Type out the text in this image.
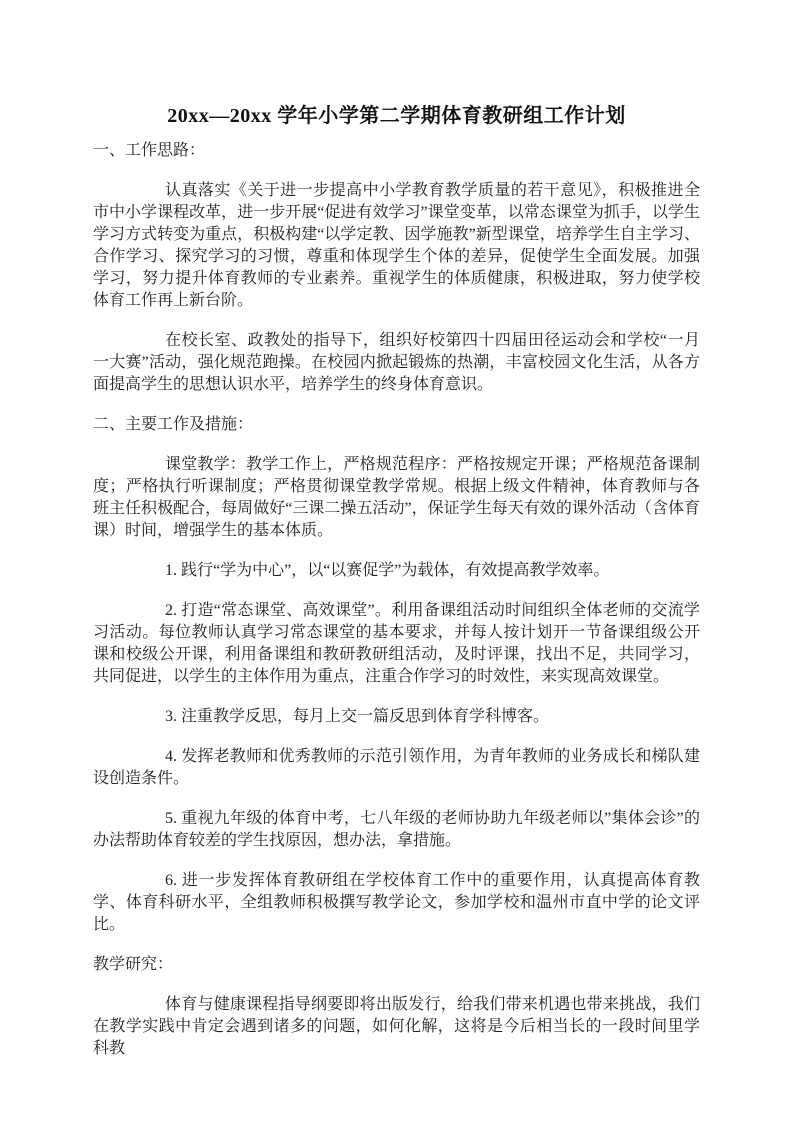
20xx—20xx 学年小学第二学期体育教研组工作计划

一、工作思路：

认真落实《关于进一步提高中小学教育教学质量的若干意见》，积极推进全市中小学课程改革，进一步开展“促进有效学习”课堂变革，以常态课堂为抓手，以学生学习方式转变为重点，积极构建“以学定教、因学施教”新型课堂，培养学生自主学习、合作学习、探究学习的习惯，尊重和体现学生个体的差异，促使学生全面发展。加强学习，努力提升体育教师的专业素养。重视学生的体质健康，积极进取，努力使学校体育工作再上新台阶。

在校长室、政教处的指导下，组织好校第四十四届田径运动会和学校“一月一大赛”活动，强化规范跑操。在校园内掀起锻炼的热潮，丰富校园文化生活，从各方面提高学生的思想认识水平，培养学生的终身体育意识。

二、主要工作及措施：

课堂教学：教学工作上，严格规范程序：严格按规定开课；严格规范备课制度；严格执行听课制度；严格贯彻课堂教学常规。根据上级文件精神，体育教师与各班主任积极配合，每周做好“三课二操五活动”，保证学生每天有效的课外活动（含体育课）时间，增强学生的基本体质。

1. 践行“学为中心”，以“以赛促学”为载体，有效提高教学效率。

2. 打造“常态课堂、高效课堂”。利用备课组活动时间组织全体老师的交流学习活动。每位教师认真学习常态课堂的基本要求，并每人按计划开一节备课组级公开课和校级公开课，利用备课组和教研教研组活动，及时评课，找出不足，共同学习，共同促进，以学生的主体作用为重点，注重合作学习的时效性，来实现高效课堂。

3. 注重教学反思，每月上交一篇反思到体育学科博客。

4. 发挥老教师和优秀教师的示范引领作用，为青年教师的业务成长和梯队建设创造条件。

5. 重视九年级的体育中考，七八年级的老师协助九年级老师以”集体会诊”的办法帮助体育较差的学生找原因，想办法，拿措施。

6. 进一步发挥体育教研组在学校体育工作中的重要作用，认真提高体育教学、体育科研水平，全组教师积极撰写教学论文，参加学校和温州市直中学的论文评比。

教学研究：

体育与健康课程指导纲要即将出版发行，给我们带来机遇也带来挑战，我们在教学实践中肯定会遇到诸多的问题，如何化解，这将是今后相当长的一段时间里学科教
